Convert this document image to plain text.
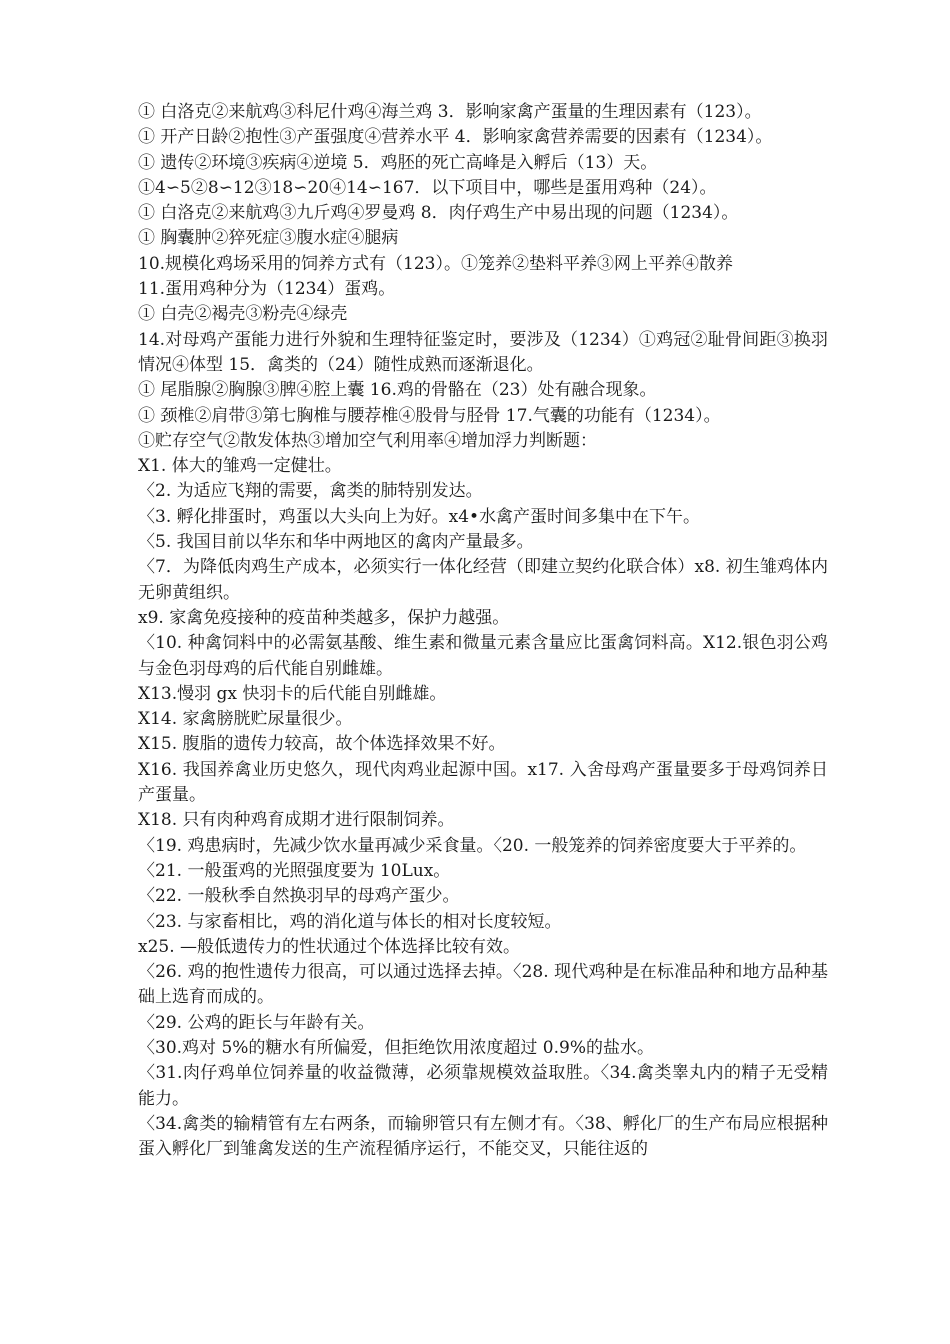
① 白洛克②来航鸡③科尼什鸡④海兰鸡 3．影响家禽产蛋量的生理因素有（123）。

① 开产日龄②抱性③产蛋强度④营养水平 4．影响家禽营养需要的因素有（1234）。

① 遗传②环境③疾病④逆境 5．鸡胚的死亡高峰是入孵后（13）天。

①4∽5②8∽12③18∽20④14∽167．以下项目中，哪些是蛋用鸡种（24）。

① 白洛克②来航鸡③九斤鸡④罗曼鸡 8．肉仔鸡生产中易出现的问题（1234）。

① 胸囊肿②猝死症③腹水症④腿病

10.规模化鸡场采用的饲养方式有（123）。①笼养②垫料平养③网上平养④散养

11.蛋用鸡种分为（1234）蛋鸡。

① 白壳②褐壳③粉壳④绿壳

14.对母鸡产蛋能力进行外貌和生理特征鉴定时，要涉及（1234）①鸡冠②耻骨间距③换羽情况④体型 15．禽类的（24）随性成熟而逐渐退化。

① 尾脂腺②胸腺③脾④腔上囊 16.鸡的骨骼在（23）处有融合现象。

① 颈椎②肩带③第七胸椎与腰荐椎④股骨与胫骨 17.气囊的功能有（1234）。

①贮存空气②散发体热③增加空气利用率④增加浮力判断题：

X1. 体大的雏鸡一定健壮。

〈2. 为适应飞翔的需要，禽类的肺特别发达。

〈3. 孵化排蛋时，鸡蛋以大头向上为好。x4•水禽产蛋时间多集中在下午。

〈5. 我国目前以华东和华中两地区的禽肉产量最多。

〈7．为降低肉鸡生产成本，必须实行一体化经营（即建立契约化联合体）x8. 初生雏鸡体内无卵黄组织。

x9. 家禽免疫接种的疫苗种类越多，保护力越强。

〈10. 种禽饲料中的必需氨基酸、维生素和微量元素含量应比蛋禽饲料高。X12.银色羽公鸡与金色羽母鸡的后代能自别雌雄。

X13.慢羽 gx 快羽卡的后代能自别雌雄。

X14. 家禽膀胱贮尿量很少。

X15. 腹脂的遗传力较高，故个体选择效果不好。

X16. 我国养禽业历史悠久，现代肉鸡业起源中国。x17. 入舍母鸡产蛋量要多于母鸡饲养日产蛋量。

X18. 只有肉种鸡育成期才进行限制饲养。

〈19. 鸡患病时，先减少饮水量再减少采食量。〈20. 一般笼养的饲养密度要大于平养的。

〈21. 一般蛋鸡的光照强度要为 10Lux。

〈22. 一般秋季自然换羽早的母鸡产蛋少。

〈23. 与家畜相比，鸡的消化道与体长的相对长度较短。

x25. —般低遗传力的性状通过个体选择比较有效。

〈26. 鸡的抱性遗传力很高，可以通过选择去掉。〈28. 现代鸡种是在标准品种和地方品种基础上选育而成的。

〈29. 公鸡的距长与年龄有关。

〈30.鸡对 5%的糖水有所偏爱，但拒绝饮用浓度超过 0.9%的盐水。

〈31.肉仔鸡单位饲养量的收益微薄，必须靠规模效益取胜。〈34.禽类睾丸内的精子无受精能力。

〈34.禽类的输精管有左右两条，而输卵管只有左侧才有。〈38、孵化厂的生产布局应根据种蛋入孵化厂到雏禽发送的生产流程循序运行，不能交叉，只能往返的
